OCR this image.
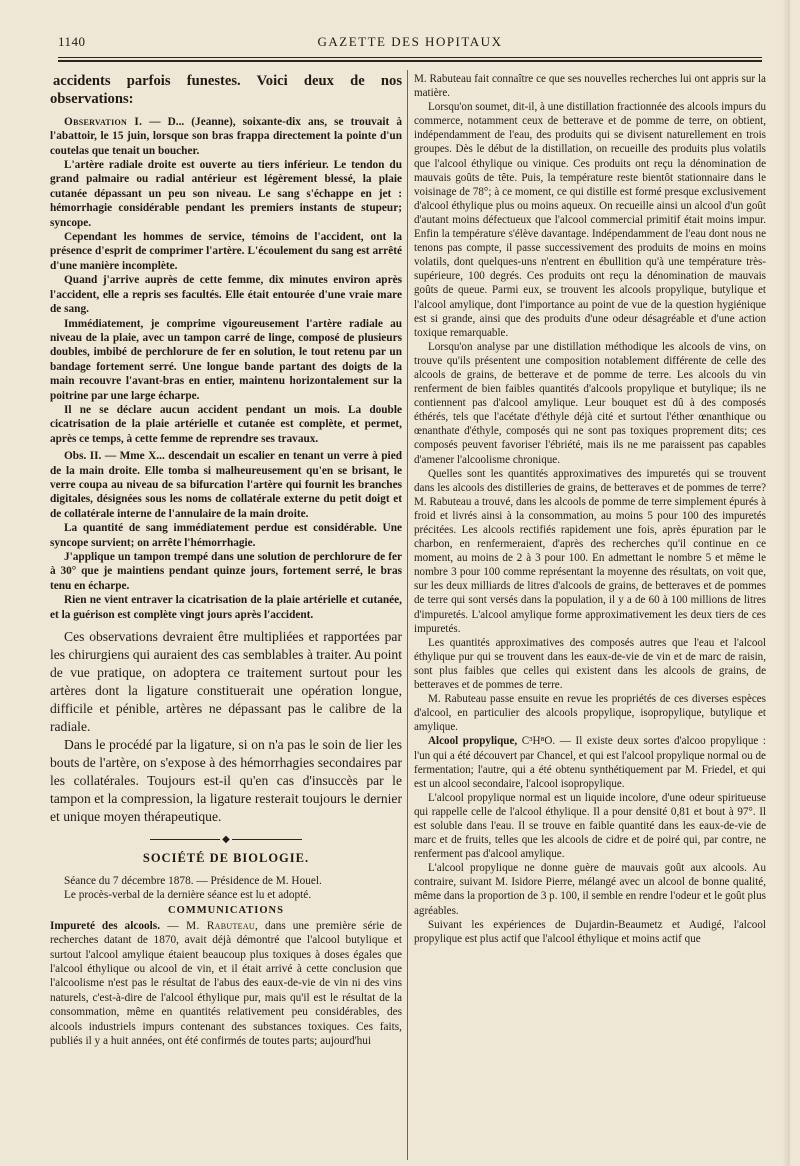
1140	GAZETTE DES HOPITAUX

accidents parfois funestes. Voici deux de nos observations:

Observation I. — D... (Jeanne), soixante-dix ans, se trouvait à l'abattoir, le 15 juin, lorsque son bras frappa directement la pointe d'un coutelas que tenait un boucher.

L'artère radiale droite est ouverte au tiers inférieur. Le tendon du grand palmaire ou radial antérieur est légèrement blessé, la plaie cutanée dépassant un peu son niveau. Le sang s'échappe en jet : hémorrhagie considérable pendant les premiers instants de stupeur; syncope.

Cependant les hommes de service, témoins de l'accident, ont la présence d'esprit de comprimer l'artère. L'écoulement du sang est arrêté d'une manière incomplète.

Quand j'arrive auprès de cette femme, dix minutes environ après l'accident, elle a repris ses facultés. Elle était entourée d'une vraie mare de sang.

Immédiatement, je comprime vigoureusement l'artère radiale au niveau de la plaie, avec un tampon carré de linge, composé de plusieurs doubles, imbibé de perchlorure de fer en solution, le tout retenu par un bandage fortement serré. Une longue bande partant des doigts de la main recouvre l'avant-bras en entier, maintenu horizontalement sur la poitrine par une large écharpe.

Il ne se déclare aucun accident pendant un mois. La double cicatrisation de la plaie artérielle et cutanée est complète, et permet, après ce temps, à cette femme de reprendre ses travaux.

Obs. II. — Mme X... descendait un escalier en tenant un verre à pied de la main droite. Elle tomba si malheureusement qu'en se brisant, le verre coupa au niveau de sa bifurcation l'artère qui fournit les branches digitales, désignées sous les noms de collatérale externe du petit doigt et de collatérale interne de l'annulaire de la main droite.

La quantité de sang immédiatement perdue est considérable. Une syncope survient; on arrête l'hémorrhagie.

J'applique un tampon trempé dans une solution de perchlorure de fer à 30° que je maintiens pendant quinze jours, fortement serré, le bras tenu en écharpe.

Rien ne vient entraver la cicatrisation de la plaie artérielle et cutanée, et la guérison est complète vingt jours après l'accident.

Ces observations devraient être multipliées et rapportées par les chirurgiens qui auraient des cas semblables à traiter. Au point de vue pratique, on adoptera ce traitement surtout pour les artères dont la ligature constituerait une opération longue, difficile et pénible, artères ne dépassant pas le calibre de la radiale.

Dans le procédé par la ligature, si on n'a pas le soin de lier les bouts de l'artère, on s'expose à des hémorrhagies secondaires par les collatérales. Toujours est-il qu'en cas d'insuccès par le tampon et la compression, la ligature resterait toujours le dernier et unique moyen thérapeutique.

◆
SOCIÉTÉ DE BIOLOGIE.

Séance du 7 décembre 1878. — Présidence de M. Houel.

Le procès-verbal de la dernière séance est lu et adopté.

COMMUNICATIONS

Impureté des alcools. — M. Rabuteau, dans une première série de recherches datant de 1870, avait déjà démontré que l'alcool butylique et surtout l'alcool amylique étaient beaucoup plus toxiques à doses égales que l'alcool éthylique ou alcool de vin, et il était arrivé à cette conclusion que l'alcoolisme n'est pas le résultat de l'abus des eaux-de-vie de vin ni des vins naturels, c'est-à-dire de l'alcool éthylique pur, mais qu'il est le résultat de la consommation, même en quantités relativement peu considérables, des alcools industriels impurs contenant des substances toxiques. Ces faits, publiés il y a huit années, ont été confirmés de toutes parts; aujourd'hui

M. Rabuteau fait connaître ce que ses nouvelles recherches lui ont appris sur la matière.

Lorsqu'on soumet, dit-il, à une distillation fractionnée des alcools impurs du commerce, notamment ceux de betterave et de pomme de terre, on obtient, indépendamment de l'eau, des produits qui se divisent naturellement en trois groupes. Dès le début de la distillation, on recueille des produits plus volatils que l'alcool éthylique ou vinique. Ces produits ont reçu la dénomination de mauvais goûts de tête. Puis, la température reste bientôt stationnaire dans le voisinage de 78°; à ce moment, ce qui distille est formé presque exclusivement d'alcool éthylique plus ou moins aqueux. On recueille ainsi un alcool d'un goût d'autant moins défectueux que l'alcool commercial primitif était moins impur. Enfin la température s'élève davantage. Indépendamment de l'eau dont nous ne tenons pas compte, il passe successivement des produits de moins en moins volatils, dont quelques-uns n'entrent en ébullition qu'à une température très-supérieure, 100 degrés. Ces produits ont reçu la dénomination de mauvais goûts de queue. Parmi eux, se trouvent les alcools propylique, butylique et l'alcool amylique, dont l'importance au point de vue de la question hygiénique est si grande, ainsi que des produits d'une odeur désagréable et d'une action toxique remarquable.

Lorsqu'on analyse par une distillation méthodique les alcools de vins, on trouve qu'ils présentent une composition notablement différente de celle des alcools de grains, de betterave et de pomme de terre. Les alcools du vin renferment de bien faibles quantités d'alcools propylique et butylique; ils ne contiennent pas d'alcool amylique. Leur bouquet est dû à des composés éthérés, tels que l'acétate d'éthyle déjà cité et surtout l'éther œnanthique ou œnanthate d'éthyle, composés qui ne sont pas toxiques proprement dits; ces composés peuvent favoriser l'ébriété, mais ils ne me paraissent pas capables d'amener l'alcoolisme chronique.

Quelles sont les quantités approximatives des impuretés qui se trouvent dans les alcools des distilleries de grains, de betteraves et de pommes de terre? M. Rabuteau a trouvé, dans les alcools de pomme de terre simplement épurés à froid et livrés ainsi à la consommation, au moins 5 pour 100 des impuretés précitées. Les alcools rectifiés rapidement une fois, après épuration par le charbon, en renfermeraient, d'après des recherches qu'il continue en ce moment, au moins de 2 à 3 pour 100. En admettant le nombre 5 et même le nombre 3 pour 100 comme représentant la moyenne des résultats, on voit que, sur les deux milliards de litres d'alcools de grains, de betteraves et de pommes de terre qui sont versés dans la population, il y a de 60 à 100 millions de litres d'impuretés. L'alcool amylique forme approximativement les deux tiers de ces impuretés.

Les quantités approximatives des composés autres que l'eau et l'alcool éthylique pur qui se trouvent dans les eaux-de-vie de vin et de marc de raisin, sont plus faibles que celles qui existent dans les alcools de grains, de betteraves et de pommes de terre.

M. Rabuteau passe ensuite en revue les propriétés de ces diverses espèces d'alcool, en particulier des alcools propylique, isopropylique, butylique et amylique.

Alcool propylique, C³H⁸O. — Il existe deux sortes d'alcoo propylique : l'un qui a été découvert par Chancel, et qui est l'alcool propylique normal ou de fermentation; l'autre, qui a été obtenu synthétiquement par M. Friedel, et qui est un alcool secondaire, l'alcool isopropylique.

L'alcool propylique normal est un liquide incolore, d'une odeur spiritueuse qui rappelle celle de l'alcool éthylique. Il a pour densité 0,81 et bout à 97°. Il est soluble dans l'eau. Il se trouve en faible quantité dans les eaux-de-vie de marc et de fruits, telles que les alcools de cidre et de poiré qui, par contre, ne renferment pas d'alcool amylique.

L'alcool propylique ne donne guère de mauvais goût aux alcools. Au contraire, suivant M. Isidore Pierre, mélangé avec un alcool de bonne qualité, même dans la proportion de 3 p. 100, il semble en rendre l'odeur et le goût plus agréables.

Suivant les expériences de Dujardin-Beaumetz et Audigé, l'alcool propylique est plus actif que l'alcool éthylique et moins actif que
